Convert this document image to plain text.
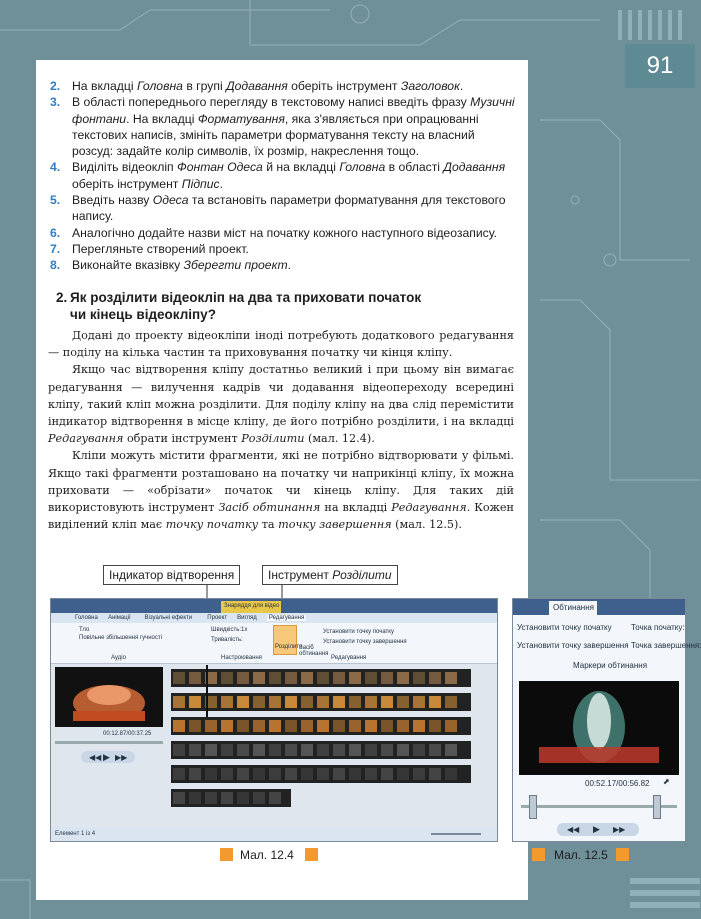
91
2. На вкладці Головна в групі Додавання оберіть інструмент Заголовок.
3. В області попереднього перегляду в текстовому написі введіть фразу Музичні фонтани. На вкладці Форматування, яка з'являється при опрацюванні текстових написів, змініть параметри форматування тексту на власний розсуд: задайте колір символів, їх розмір, накреслення тощо.
4. Виділіть відеокліп Фонтан Одеса й на вкладці Головна в області Додавання оберіть інструмент Підпис.
5. Введіть назву Одеса та встановіть параметри форматування для текстового напису.
6. Аналогічно додайте назви міст на початку кожного наступного відеозапису.
7. Перегляньте створений проект.
8. Виконайте вказівку Зберегти проект.
2. Як розділити відеокліп на два та приховати початок
чи кінець відеокліпу?

Додані до проекту відеокліпи іноді потребують додаткового редагування — поділу на кілька частин та приховування початку чи кінця кліпу.

Якщо час відтворення кліпу достатньо великий і при цьому він вимагає редагування — вилучення кадрів чи додавання відеопереходу всередині кліпу, такий кліп можна розділити. Для поділу кліпу на два слід перемістити індикатор відтворення в місце кліпу, де його потрібно розділити, і на вкладці Редагування обрати інструмент Розділити (мал. 12.4).

Кліпи можуть містити фрагменти, які не потрібно відтворювати у фільмі. Якщо такі фрагменти розташовано на початку чи наприкінці кліпу, їх можна приховати — «обрізати» початок чи кінець кліпу. Для таких дій використовують інструмент Засіб обтинання на вкладці Редагування. Кожен виділений кліп має точку початку та точку завершення (мал. 12.5).

Індикатор відтворення	Інструмент Розділити
Знаряддя для відео
Головна Анімації Візуальні ефекти	Проект Вигляд	Редагування
Тло
Повільне збільшення гучності
Швидкість: 1х
Тривалість:
Розділити
Засіб обтинання
Установити точку початку
Установити точку завершення
Аудіо	Настроювання	Редагування
00:12.87/00:37.25
◀◀ ▶ ▶▶
Елемент 1 із 4
Обтинання
Установити точку початку
Установити точку завершення
Точка початку:
Точка завершення:
Маркери обтинання
00:52.17/00:56.82 ⬈
◀◀ ▶ ▶▶
Мал. 12.4	Мал. 12.5
